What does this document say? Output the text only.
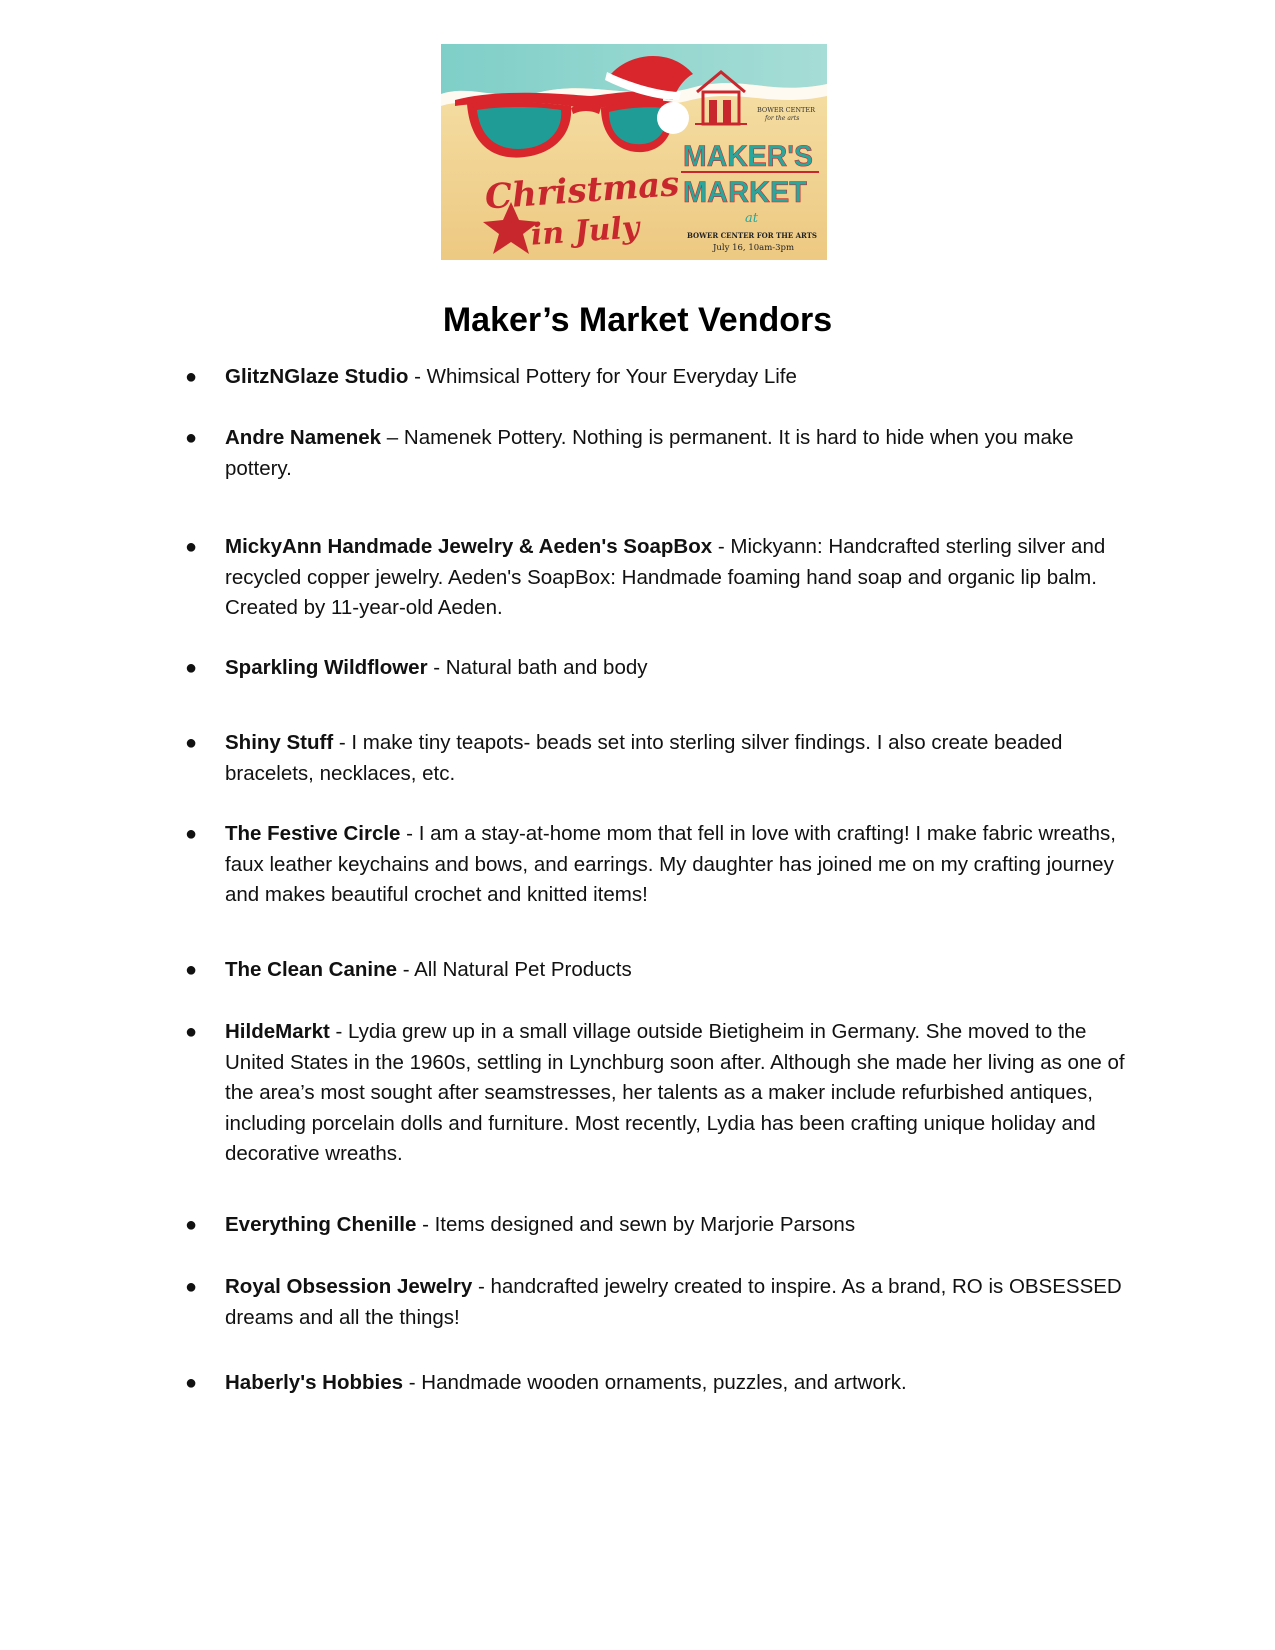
Christmas
in July
BOWER CENTER
for the arts
MAKER'S
MARKET
at
BOWER CENTER FOR THE ARTS
July 16, 10am-3pm
Maker’s Market Vendors
●	GlitzNGlaze Studio - Whimsical Pottery for Your Everyday Life
●	Andre Namenek – Namenek Pottery. Nothing is permanent. It is hard to hide when you make pottery.
●	MickyAnn Handmade Jewelry & Aeden's SoapBox - Mickyann: Handcrafted sterling silver and recycled copper jewelry. Aeden's SoapBox: Handmade foaming hand soap and organic lip balm. Created by 11-year-old Aeden.
●	Sparkling Wildflower - Natural bath and body
●	Shiny Stuff - I make tiny teapots- beads set into sterling silver findings. I also create beaded bracelets, necklaces, etc.
●	The Festive Circle - I am a stay-at-home mom that fell in love with crafting! I make fabric wreaths, faux leather keychains and bows, and earrings. My daughter has joined me on my crafting journey and makes beautiful crochet and knitted items!
●	The Clean Canine - All Natural Pet Products
●	HildeMarkt - Lydia grew up in a small village outside Bietigheim in Germany. She moved to the United States in the 1960s, settling in Lynchburg soon after. Although she made her living as one of the area’s most sought after seamstresses, her talents as a maker include refurbished antiques, including porcelain dolls and furniture. Most recently, Lydia has been crafting unique holiday and decorative wreaths.
●	Everything Chenille - Items designed and sewn by Marjorie Parsons
●	Royal Obsession Jewelry - handcrafted jewelry created to inspire. As a brand, RO is OBSESSED dreams and all the things!
●	Haberly's Hobbies - Handmade wooden ornaments, puzzles, and artwork.
